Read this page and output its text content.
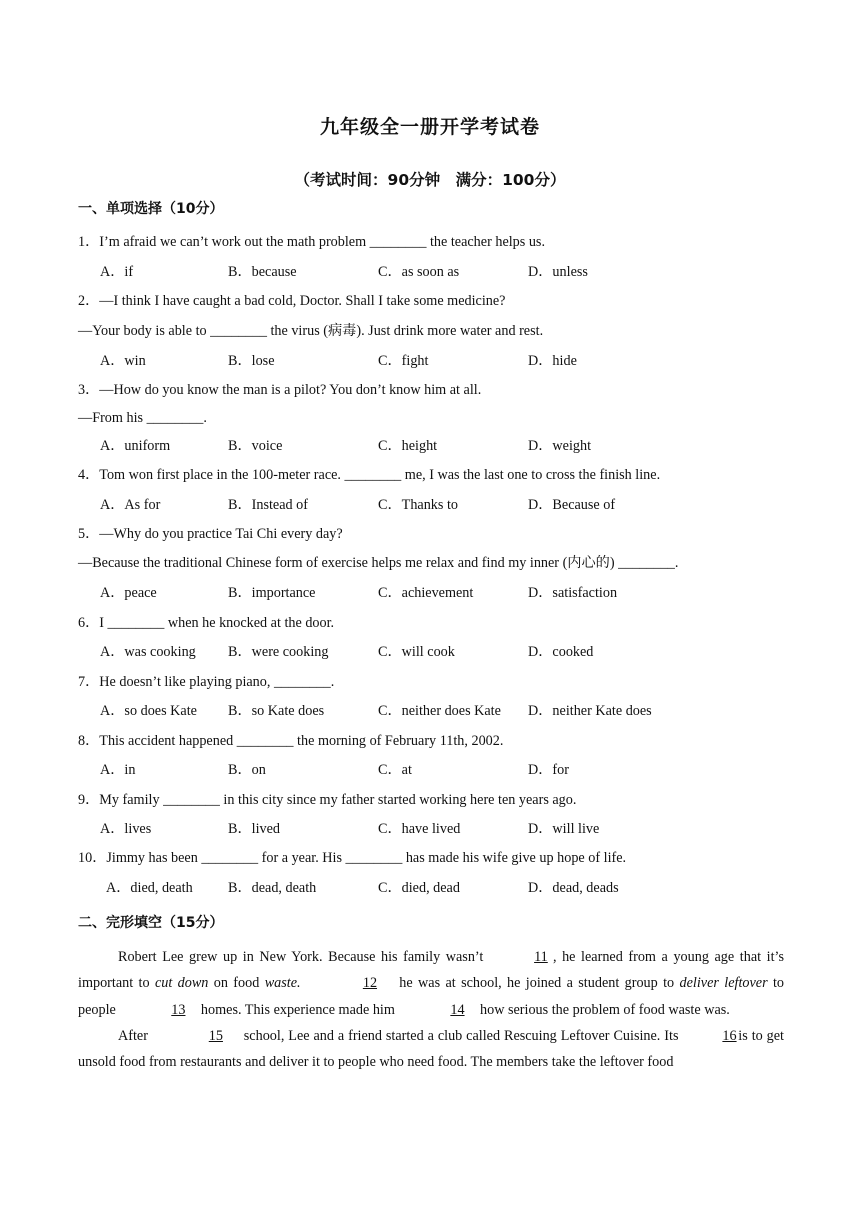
九年级全一册开学考试卷
（考试时间：90分钟　满分：100分）
一、单项选择（10分）
1．I’m afraid we can’t work out the math problem ________ the teacher helps us.
A．if	B．because	C．as soon as	D．unless
2．—I think I have caught a bad cold, Doctor. Shall I take some medicine?
—Your body is able to ________ the virus (病毒). Just drink more water and rest.
A．win	B．lose	C．fight	D．hide
3．—How do you know the man is a pilot? You don’t know him at all.
—From his ________.
A．uniform	B．voice	C．height	D．weight
4．Tom won first place in the 100-meter race. ________ me, I was the last one to cross the finish line.
A．As for	B．Instead of	C．Thanks to	D．Because of
5．—Why do you practice Tai Chi every day?
—Because the traditional Chinese form of exercise helps me relax and find my inner (内心的) ________.
A．peace	B．importance	C．achievement	D．satisfaction
6．I ________ when he knocked at the door.
A．was cooking B．were cooking	C．will cook	D．cooked
7．He doesn’t like playing piano, ________.
A．so does Kate B．so Kate does	C．neither does Kate D．neither Kate does
8．This accident happened ________ the morning of February 11th, 2002.
A．in	B．on	C．at	D．for
9．My family ________ in this city since my father started working here ten years ago.
A．lives	B．lived	C．have lived	D．will live
10．Jimmy has been ________ for a year. His ________ has made his wife give up hope of life.
A．died, death B．dead, death	C．died, dead	D．dead, deads
二、完形填空（15分）

Robert Lee grew up in New York. Because his family wasn’t	11 , he learned from a young age that it’s important to cut down on food waste.	12 he was at school, he joined a student group to deliver leftover to people	13 homes. This experience made him	14 how serious the problem of food waste was.

After	15 school, Lee and a friend started a club called Rescuing Leftover Cuisine. Its	16 is to get unsold food from restaurants and deliver it to people who need food. The members take the leftover food
